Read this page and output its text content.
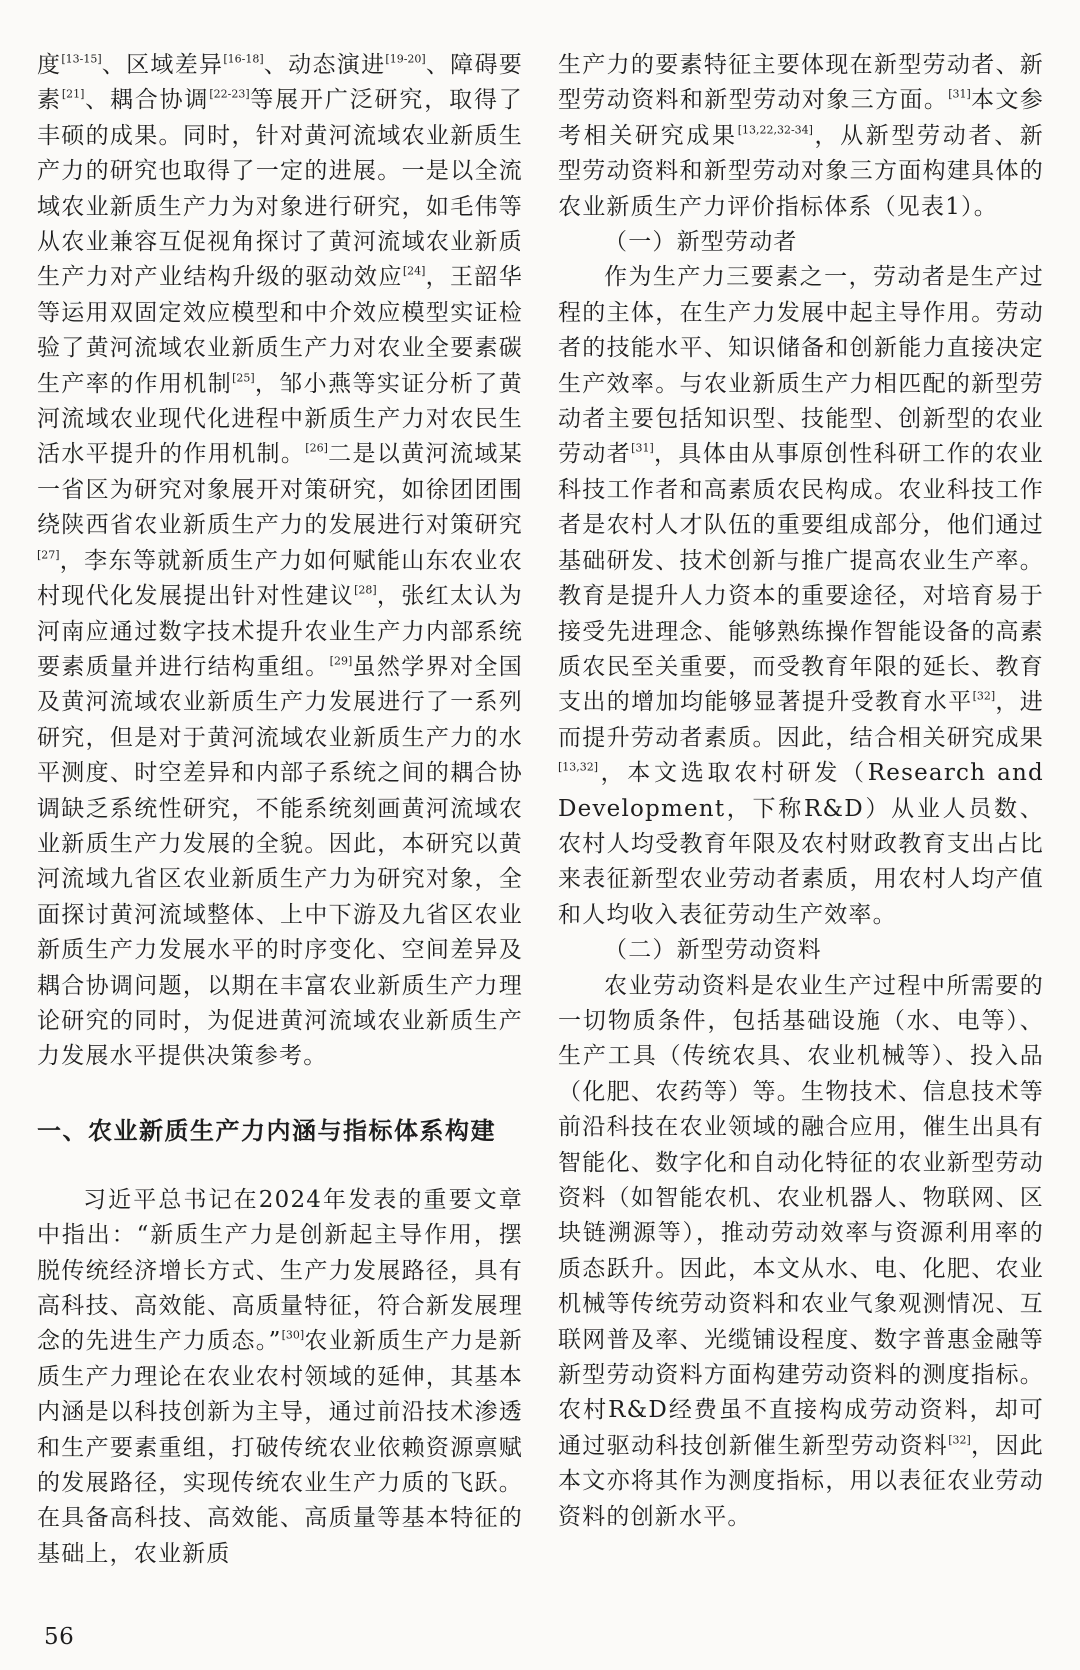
度[13-15]、区域差异[16-18]、动态演进[19-20]、障碍要素[21]、耦合协调[22-23]等展开广泛研究，取得了丰硕的成果。同时，针对黄河流域农业新质生产力的研究也取得了一定的进展。一是以全流域农业新质生产力为对象进行研究，如毛伟等从农业兼容互促视角探讨了黄河流域农业新质生产力对产业结构升级的驱动效应[24]，王韶华等运用双固定效应模型和中介效应模型实证检验了黄河流域农业新质生产力对农业全要素碳生产率的作用机制[25]，邹小燕等实证分析了黄河流域农业现代化进程中新质生产力对农民生活水平提升的作用机制。[26]二是以黄河流域某一省区为研究对象展开对策研究，如徐团团围绕陕西省农业新质生产力的发展进行对策研究[27]，李东等就新质生产力如何赋能山东农业农村现代化发展提出针对性建议[28]，张红太认为河南应通过数字技术提升农业生产力内部系统要素质量并进行结构重组。[29]虽然学界对全国及黄河流域农业新质生产力发展进行了一系列研究，但是对于黄河流域农业新质生产力的水平测度、时空差异和内部子系统之间的耦合协调缺乏系统性研究，不能系统刻画黄河流域农业新质生产力发展的全貌。因此，本研究以黄河流域九省区农业新质生产力为研究对象，全面探讨黄河流域整体、上中下游及九省区农业新质生产力发展水平的时序变化、空间差异及耦合协调问题，以期在丰富农业新质生产力理论研究的同时，为促进黄河流域农业新质生产力发展水平提供决策参考。

一、农业新质生产力内涵与指标体系构建

习近平总书记在2024年发表的重要文章中指出：“新质生产力是创新起主导作用，摆脱传统经济增长方式、生产力发展路径，具有高科技、高效能、高质量特征，符合新发展理念的先进生产力质态。”[30]农业新质生产力是新质生产力理论在农业农村领域的延伸，其基本内涵是以科技创新为主导，通过前沿技术渗透和生产要素重组，打破传统农业依赖资源禀赋的发展路径，实现传统农业生产力质的飞跃。在具备高科技、高效能、高质量等基本特征的基础上，农业新质

生产力的要素特征主要体现在新型劳动者、新型劳动资料和新型劳动对象三方面。[31]本文参考相关研究成果[13,22,32-34]，从新型劳动者、新型劳动资料和新型劳动对象三方面构建具体的农业新质生产力评价指标体系（见表1）。

（一）新型劳动者

作为生产力三要素之一，劳动者是生产过程的主体，在生产力发展中起主导作用。劳动者的技能水平、知识储备和创新能力直接决定生产效率。与农业新质生产力相匹配的新型劳动者主要包括知识型、技能型、创新型的农业劳动者[31]，具体由从事原创性科研工作的农业科技工作者和高素质农民构成。农业科技工作者是农村人才队伍的重要组成部分，他们通过基础研发、技术创新与推广提高农业生产率。教育是提升人力资本的重要途径，对培育易于接受先进理念、能够熟练操作智能设备的高素质农民至关重要，而受教育年限的延长、教育支出的增加均能够显著提升受教育水平[32]，进而提升劳动者素质。因此，结合相关研究成果[13,32]，本文选取农村研发（Research and Development，下称R&D）从业人员数、农村人均受教育年限及农村财政教育支出占比来表征新型农业劳动者素质，用农村人均产值和人均收入表征劳动生产效率。

（二）新型劳动资料

农业劳动资料是农业生产过程中所需要的一切物质条件，包括基础设施（水、电等）、生产工具（传统农具、农业机械等）、投入品（化肥、农药等）等。生物技术、信息技术等前沿科技在农业领域的融合应用，催生出具有智能化、数字化和自动化特征的农业新型劳动资料（如智能农机、农业机器人、物联网、区块链溯源等），推动劳动效率与资源利用率的质态跃升。因此，本文从水、电、化肥、农业机械等传统劳动资料和农业气象观测情况、互联网普及率、光缆铺设程度、数字普惠金融等新型劳动资料方面构建劳动资料的测度指标。农村R&D经费虽不直接构成劳动资料，却可通过驱动科技创新催生新型劳动资料[32]，因此本文亦将其作为测度指标，用以表征农业劳动资料的创新水平。

56
